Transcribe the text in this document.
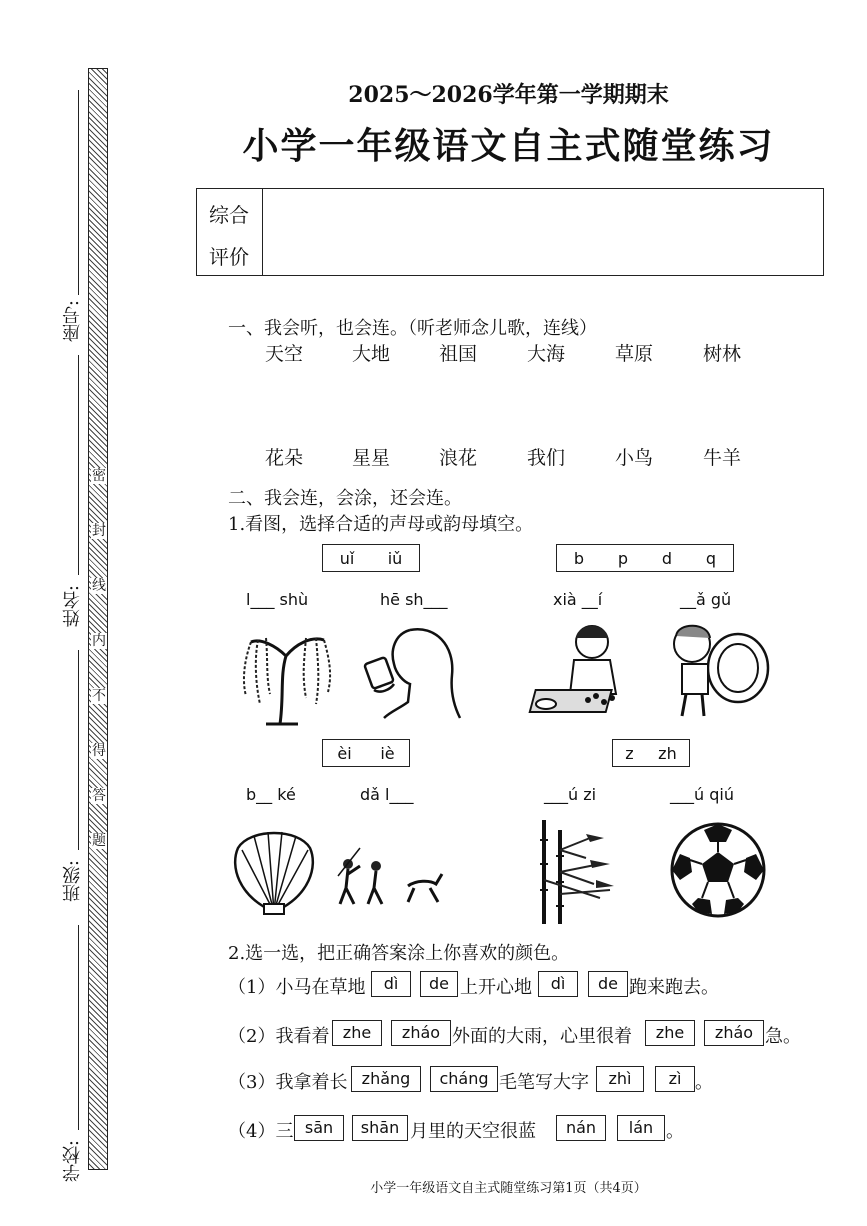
座号:
姓名:
班级:
学校:
密
封
线
内
不
得
答
题
2025～2026学年第一学期期末
小学一年级语文自主式随堂练习
综合
评价
一、我会听，也会连。（听老师念儿歌，连线）
天空	大地	祖国	大海	草原	树林
花朵	星星	浪花	我们	小鸟	牛羊
二、我会连，会涂，还会连。
1.看图，选择合适的声母或韵母填空。
uǐ iǔ
l___ shù	hē sh___
b p d q
xià __í	__ǎ gǔ
èi iè
b__ ké	dǎ l___
z zh
___ú zi	___ú qiú
2.选一选，把正确答案涂上你喜欢的颜色。
（1）小马在草地	dì	de 上开心地	dì	de 跑来跑去。
（2）我看着 zhe	zháo 外面的大雨，心里很着	zhe	zháo 急。
（3）我拿着长 zhǎng	cháng 毛笔写大字	zhì	zì 。
（4）三 sān	shān 月里的天空很蓝	nán	lán 。
小学一年级语文自主式随堂练习第1页（共4页）
